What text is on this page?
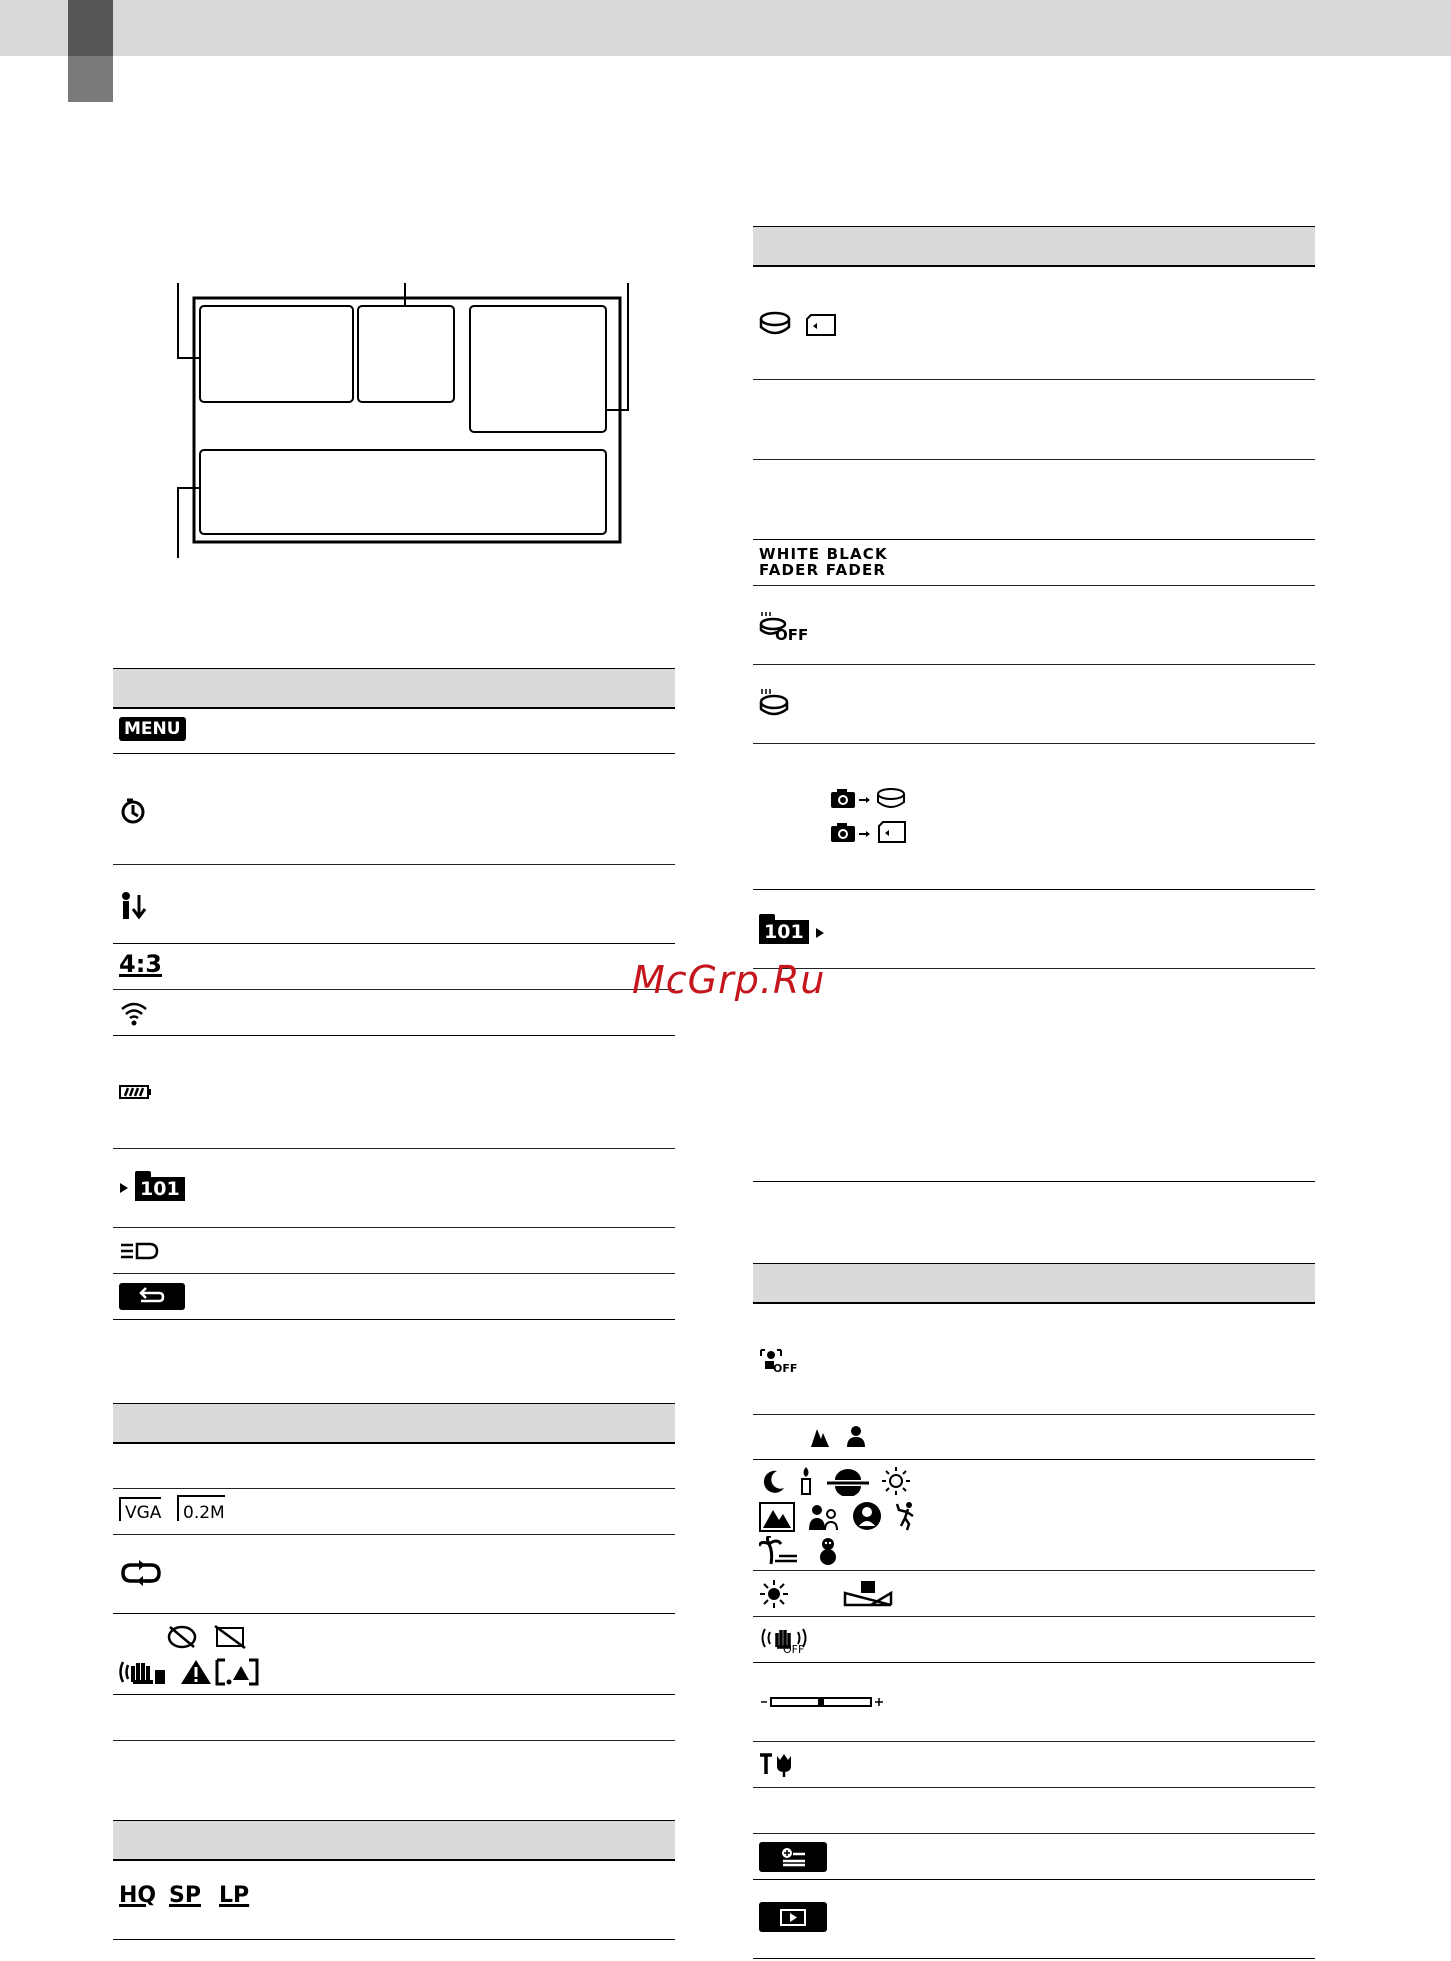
MENU
4:3
101
VGA	0.2M
HQ SP LP
WHITE BLACK
FADER FADER
OFF
101
OFF
OFF
McGrp.Ru
